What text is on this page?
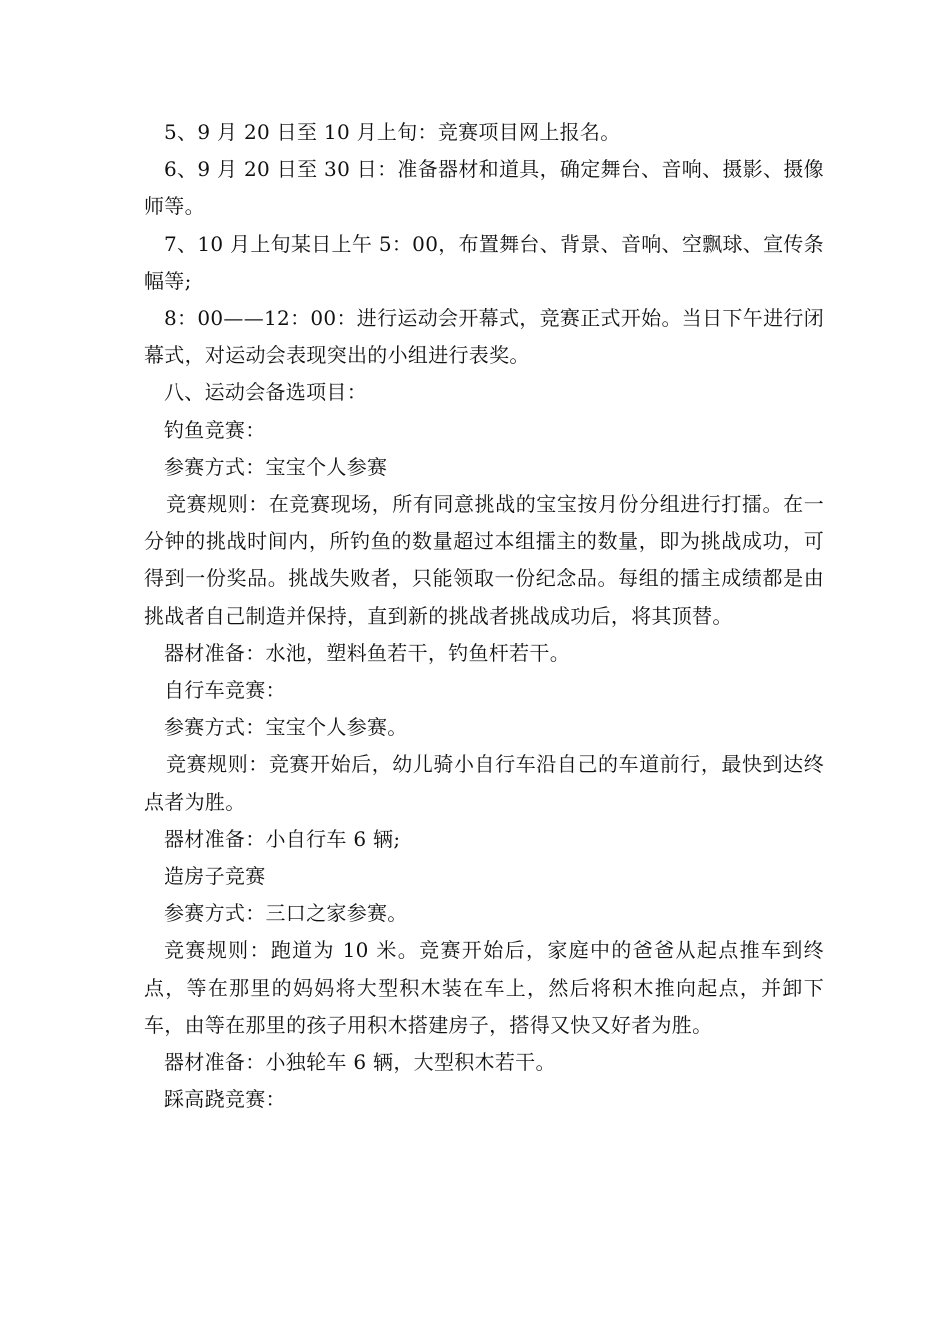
5、9 月 20 日至 10 月上旬：竞赛项目网上报名。

6、9 月 20 日至 30 日：准备器材和道具，确定舞台、音响、摄影、摄像师等。

7、10 月上旬某日上午 5：00，布置舞台、背景、音响、空飘球、宣传条幅等;

8：00——12：00：进行运动会开幕式，竞赛正式开始。当日下午进行闭幕式，对运动会表现突出的小组进行表奖。

八、运动会备选项目：

钓鱼竞赛：

参赛方式：宝宝个人参赛

竞赛规则：在竞赛现场，所有同意挑战的宝宝按月份分组进行打擂。在一分钟的挑战时间内，所钓鱼的数量超过本组擂主的数量，即为挑战成功，可得到一份奖品。挑战失败者，只能领取一份纪念品。每组的擂主成绩都是由挑战者自己制造并保持，直到新的挑战者挑战成功后，将其顶替。

器材准备：水池，塑料鱼若干，钓鱼杆若干。

自行车竞赛：

参赛方式：宝宝个人参赛。

竞赛规则：竞赛开始后，幼儿骑小自行车沿自己的车道前行，最快到达终点者为胜。

器材准备：小自行车 6 辆;

造房子竞赛

参赛方式：三口之家参赛。

竞赛规则：跑道为 10 米。竞赛开始后，家庭中的爸爸从起点推车到终点，等在那里的妈妈将大型积木装在车上，然后将积木推向起点，并卸下车，由等在那里的孩子用积木搭建房子，搭得又快又好者为胜。

器材准备：小独轮车 6 辆，大型积木若干。

踩高跷竞赛：
